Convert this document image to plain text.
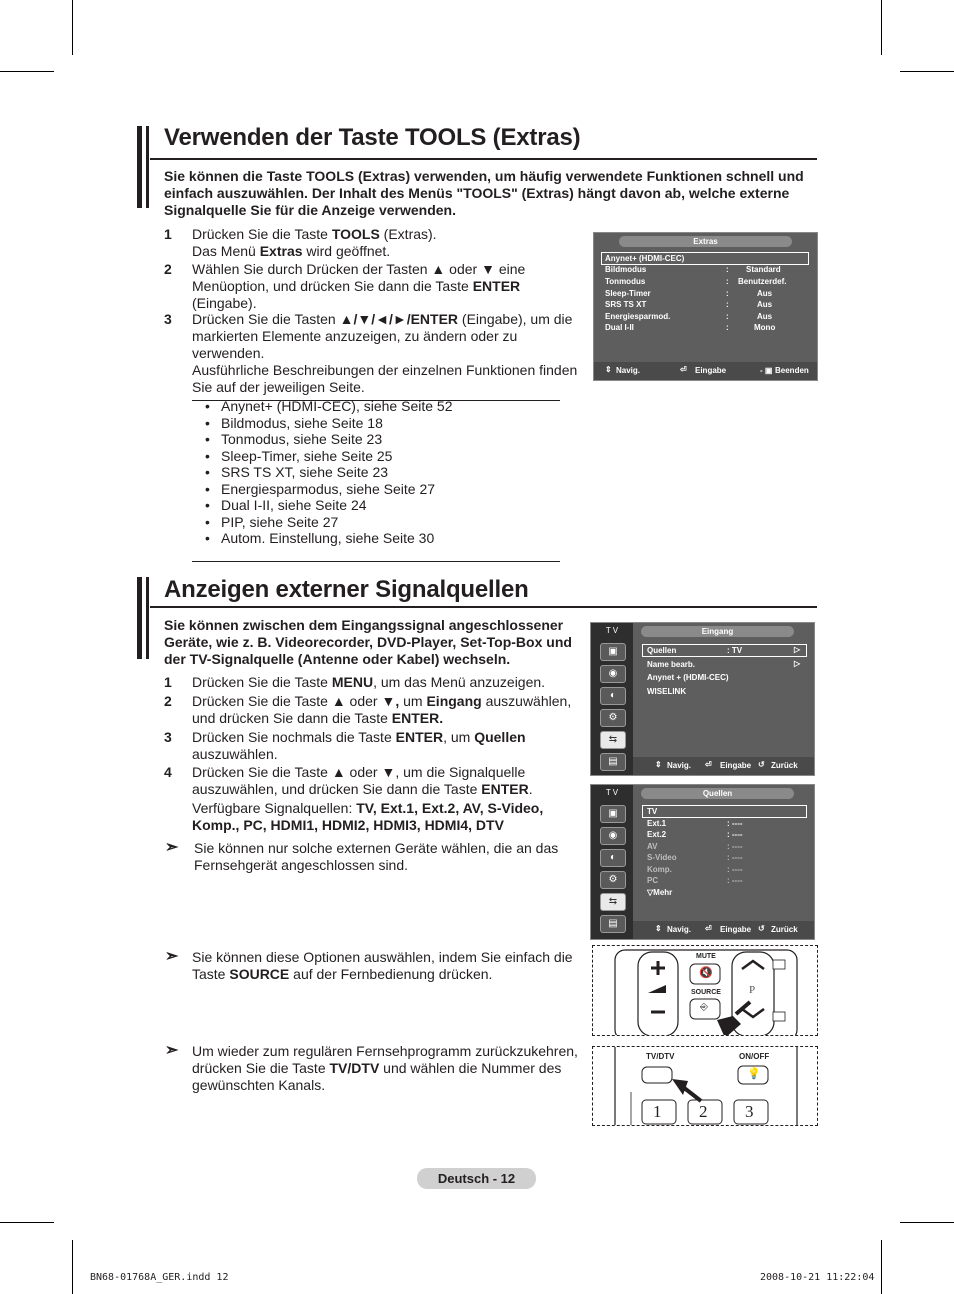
Verwenden der Taste TOOLS (Extras)
Sie können die Taste TOOLS (Extras) verwenden, um häufig verwendete Funktionen schnell und einfach auszuwählen. Der Inhalt des Menüs "TOOLS" (Extras) hängt davon ab, welche externe Signalquelle Sie für die Anzeige verwenden.
1 Drücken Sie die Taste TOOLS (Extras).
Das Menü Extras wird geöffnet.
2 Wählen Sie durch Drücken der Tasten ▲ oder ▼ eine Menüoption, und drücken Sie dann die Taste ENTER (Eingabe).
3 Drücken Sie die Tasten ▲/▼/◄/►/ENTER (Eingabe), um die markierten Elemente anzuzeigen, zu ändern oder zu verwenden.
Ausführliche Beschreibungen der einzelnen Funktionen finden Sie auf der jeweiligen Seite.
• Anynet+ (HDMI-CEC), siehe Seite 52
• Bildmodus, siehe Seite 18
• Tonmodus, siehe Seite 23
• Sleep-Timer, siehe Seite 25
• SRS TS XT, siehe Seite 23
• Energiesparmodus, siehe Seite 27
• Dual I-II, siehe Seite 24
• PIP, siehe Seite 27
• Autom. Einstellung, siehe Seite 30
Extras
Anynet+ (HDMI-CEC)
Bildmodus	: Standard
Tonmodus	: Benutzerdef.
Sleep-Timer	:	Aus
SRS TS XT	:	Aus
Energiesparmod.	:	Aus
Dual I-II	:	Mono
⇕ Navig.	⏎ Eingabe	- ▣ Beenden
Anzeigen externer Signalquellen
Sie können zwischen dem Eingangssignal angeschlossener Geräte, wie z. B. Videorecorder, DVD-Player, Set-Top-Box und der TV-Signalquelle (Antenne oder Kabel) wechseln.
1 Drücken Sie die Taste MENU, um das Menü anzuzeigen.
2 Drücken Sie die Taste ▲ oder ▼, um Eingang auszuwählen, und drücken Sie dann die Taste ENTER.
3 Drücken Sie nochmals die Taste ENTER, um Quellen auszuwählen.
4 Drücken Sie die Taste ▲ oder ▼, um die Signalquelle auszuwählen, und drücken Sie dann die Taste ENTER.
Verfügbare Signalquellen: TV, Ext.1, Ext.2, AV, S-Video, Komp., PC, HDMI1, HDMI2, HDMI3, HDMI4, DTV
➣ Sie können nur solche externen Geräte wählen, die an das Fernsehgerät angeschlossen sind.
➣ Sie können diese Optionen auswählen, indem Sie einfach die Taste SOURCE auf der Fernbedienung drücken.
➣ Um wieder zum regulären Fernsehprogramm zurückzukehren, drücken Sie die Taste TV/DTV und wählen die Nummer des gewünschten Kanals.
T V
▣
◉
◐
⚙
⇆
▤
Eingang
Quellen	: TV	▷
Name bearb.	▷
Anynet + (HDMI-CEC)
WISELINK
⇕ Navig. ⏎ Eingabe ↺ Zurück
T V
▣
◉
◐
⚙
⇆
▤
Quellen
TV
Ext.1	: ----
Ext.2	: ----
AV	: ----
S-Video	: ----
Komp.	: ----
PC	: ----
▽Mehr
⇕ Navig. ⏎ Eingabe ↺ Zurück
MUTE
🔇
SOURCE
⎆
P
TV/DTV	ON/OFF
💡
1 2 3
Deutsch - 12
BN68-01768A_GER.indd 12	2008-10-21 11:22:04
